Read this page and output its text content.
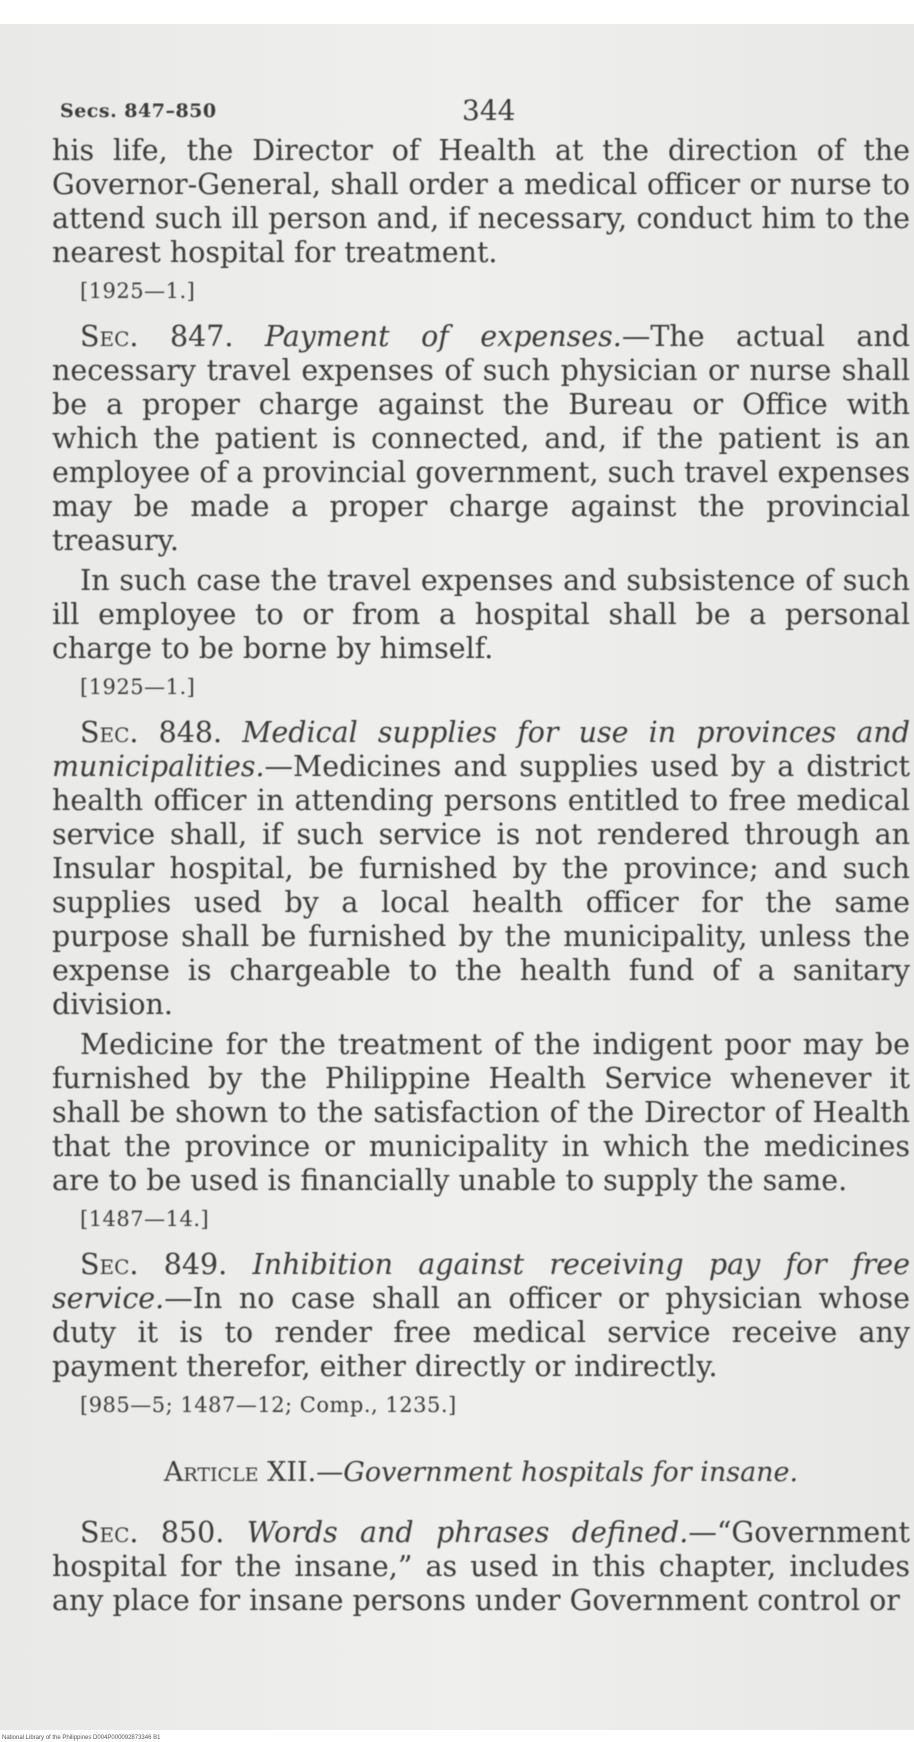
Secs. 847–850	344

his life, the Director of Health at the direction of the Governor-General, shall order a medical officer or nurse to attend such ill person and, if necessary, conduct him to the nearest hospital for treatment.

[1925—1.]

Sec. 847. Payment of expenses.—The actual and necessary travel expenses of such physician or nurse shall be a proper charge against the Bureau or Office with which the patient is connected, and, if the patient is an employee of a provincial government, such travel expenses may be made a proper charge against the provincial treasury.

In such case the travel expenses and subsistence of such ill employee to or from a hospital shall be a personal charge to be borne by himself.

[1925—1.]

Sec. 848. Medical supplies for use in provinces and municipalities.—Medicines and supplies used by a district health officer in attending persons entitled to free medical service shall, if such service is not rendered through an Insular hospital, be furnished by the province; and such supplies used by a local health officer for the same purpose shall be furnished by the municipality, unless the expense is chargeable to the health fund of a sanitary division.

Medicine for the treatment of the indigent poor may be furnished by the Philippine Health Service whenever it shall be shown to the satisfaction of the Director of Health that the province or municipality in which the medicines are to be used is financially unable to supply the same.

[1487—14.]

Sec. 849. Inhibition against receiving pay for free service.—In no case shall an officer or physician whose duty it is to render free medical service receive any payment therefor, either directly or indirectly.

[985—5; 1487—12; Comp., 1235.]
Article XII.—Government hospitals for insane.

Sec. 850. Words and phrases defined.—“Government hospital for the insane,” as used in this chapter, includes any place for insane persons under Government control or

National Library of the Philippines D004P000092873346 B1
